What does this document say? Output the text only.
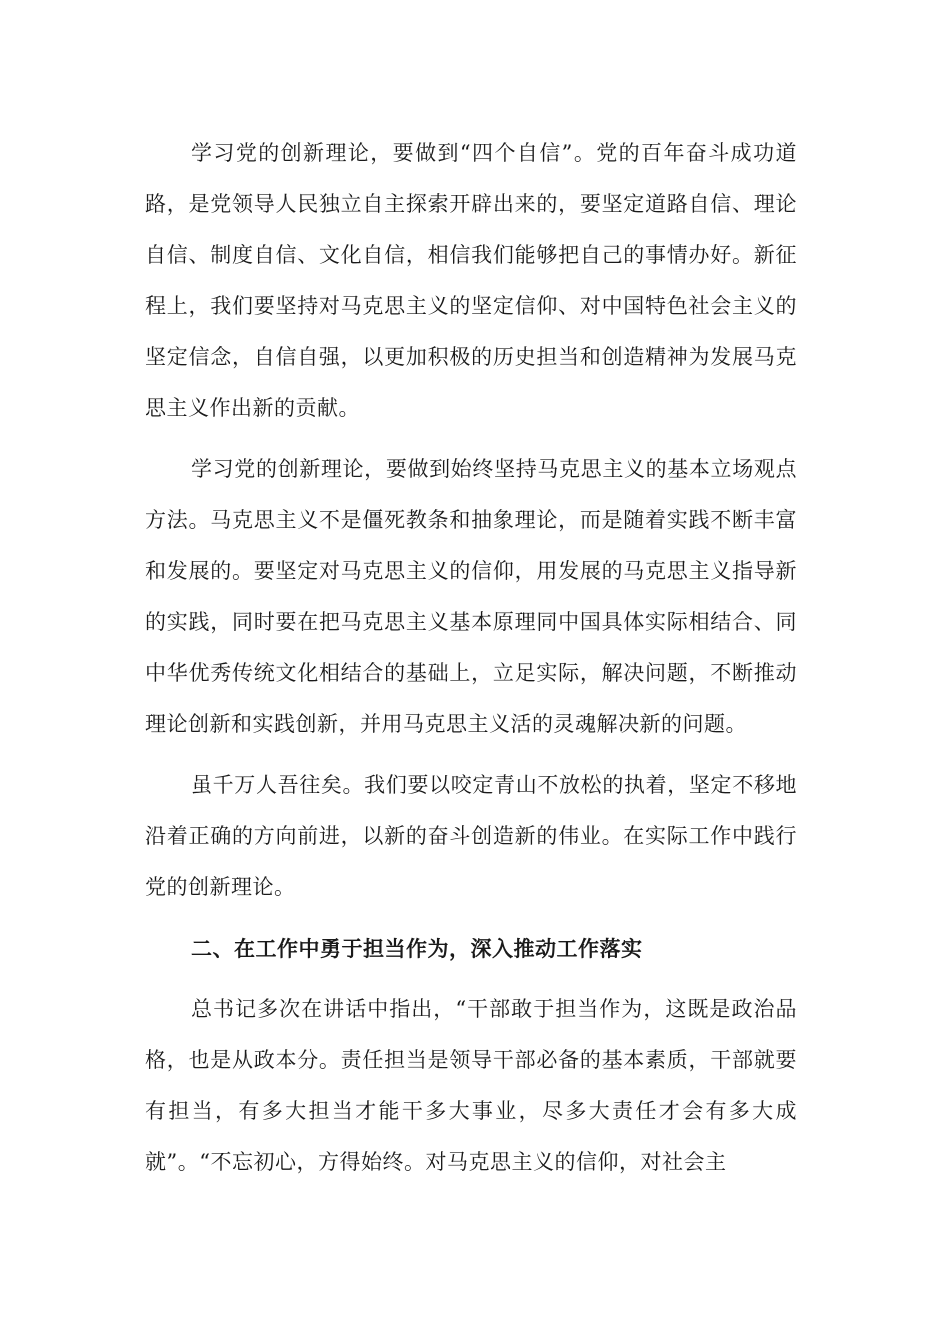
学习党的创新理论，要做到“四个自信”。党的百年奋斗成功道路，是党领导人民独立自主探索开辟出来的，要坚定道路自信、理论自信、制度自信、文化自信，相信我们能够把自己的事情办好。新征程上，我们要坚持对马克思主义的坚定信仰、对中国特色社会主义的坚定信念，自信自强，以更加积极的历史担当和创造精神为发展马克思主义作出新的贡献。

学习党的创新理论，要做到始终坚持马克思主义的基本立场观点方法。马克思主义不是僵死教条和抽象理论，而是随着实践不断丰富和发展的。要坚定对马克思主义的信仰，用发展的马克思主义指导新的实践，同时要在把马克思主义基本原理同中国具体实际相结合、同中华优秀传统文化相结合的基础上，立足实际，解决问题，不断推动理论创新和实践创新，并用马克思主义活的灵魂解决新的问题。

虽千万人吾往矣。我们要以咬定青山不放松的执着，坚定不移地沿着正确的方向前进，以新的奋斗创造新的伟业。在实际工作中践行党的创新理论。

二、在工作中勇于担当作为，深入推动工作落实

总书记多次在讲话中指出，“干部敢于担当作为，这既是政治品格，也是从政本分。责任担当是领导干部必备的基本素质，干部就要有担当，有多大担当才能干多大事业，尽多大责任才会有多大成就”。“不忘初心，方得始终。对马克思主义的信仰，对社会主
